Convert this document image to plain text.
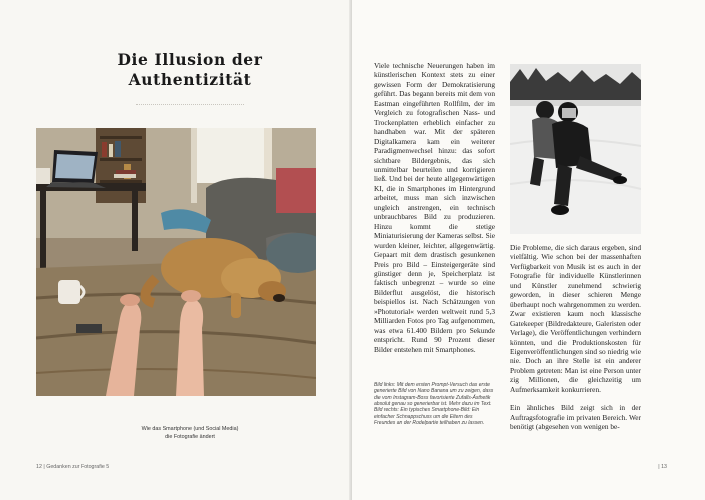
Die Illusion der Authentizität
Wie das Smartphone (und Social Media)
die Fotografie ändert
12 | Gedanken zur Fotografie 5

Viele technische Neuerungen haben im künstlerischen Kontext stets zu einer gewissen Form der Demokratisierung geführt. Das begann bereits mit dem von Eastman eingeführten Rollfilm, der im Vergleich zu fotografischen Nass- und Trockenplatten erheblich einfacher zu handhaben war. Mit der späteren Digitalkamera kam ein weiterer Paradigmenwechsel hinzu: das sofort sichtbare Bildergebnis, das sich unmittelbar beurteilen und korrigieren ließ. Und bei der heute allgegenwärtigen KI, die in Smartphones im Hintergrund arbeitet, muss man sich inzwischen ungleich anstrengen, ein technisch unbrauchbares Bild zu produzieren. Hinzu kommt die stetige Miniaturisierung der Kameras selbst. Sie wurden kleiner, leichter, allgegenwärtig. Gepaart mit dem drastisch gesunkenen Preis pro Bild – Einsteigergeräte sind günstiger denn je, Speicherplatz ist faktisch unbegrenzt – wurde so eine Bilderflut ausgelöst, die historisch beispiellos ist. Nach Schätzungen von »Photutorial« werden weltweit rund 5,3 Milliarden Fotos pro Tag aufgenommen, was etwa 61.400 Bildern pro Sekunde entspricht. Rund 90 Prozent dieser Bilder entstehen mit Smartphones.

Bild links: Mit dem ersten Prompt-Versuch das erste generierte Bild von Nano Banana um zu zeigen, dass die vom Instagram-Boss favorisierte Zufalls-Ästhetik absolut genau so generierbar ist. Mehr dazu im Text. Bild rechts: Ein typisches Smartphone-Bild: Ein einfacher Schnappschuss um die Eltern des Freundes an der Rodelpartie teilhaben zu lassen.

Die Probleme, die sich daraus ergeben, sind vielfältig. Wie schon bei der massenhaften Verfügbarkeit von Musik ist es auch in der Fotografie für individuelle Künstlerinnen und Künstler zunehmend schwierig geworden, in dieser schieren Menge überhaupt noch wahrgenommen zu werden. Zwar existieren kaum noch klassische Gatekeeper (Bildredakteure, Galeristen oder Verlage), die Veröffentlichungen verhindern könnten, und die Produktionskosten für Eigenveröffentlichungen sind so niedrig wie nie. Doch an ihre Stelle ist ein anderer Problem getreten: Man ist eine Person unter zig Millionen, die gleichzeitig um Aufmerksamkeit konkurrieren.

Ein ähnliches Bild zeigt sich in der Auftragsfotografie im privaten Bereich. Wer benötigt (abgesehen von wenigen be-

| 13
